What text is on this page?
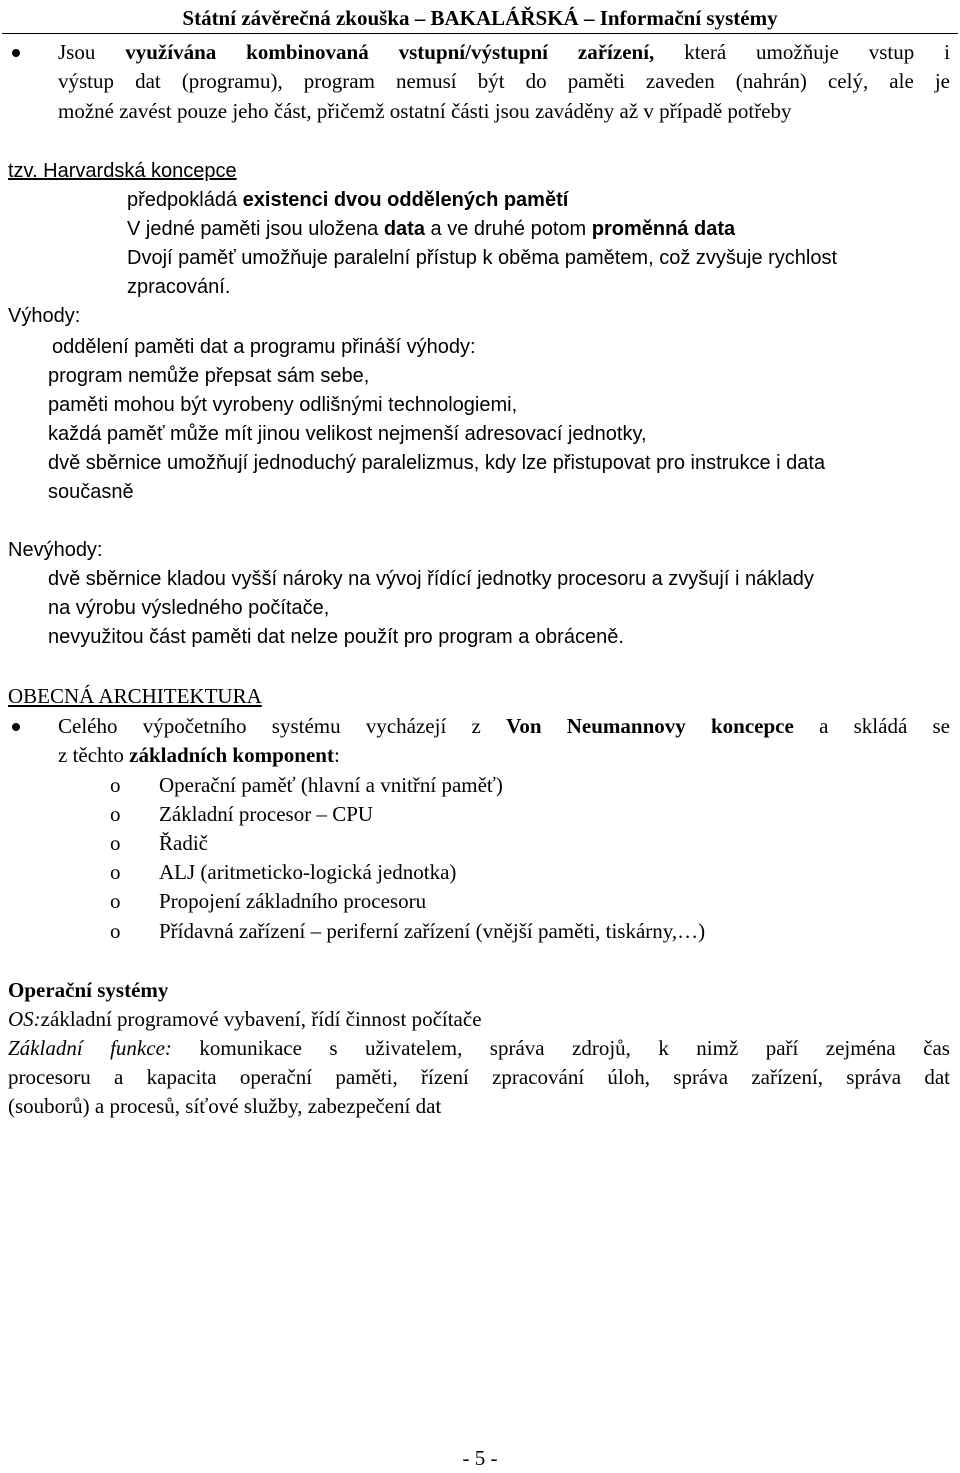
Státní závěrečná zkouška – BAKALÁŘSKÁ – Informační systémy
Jsou využívána kombinovaná vstupní/výstupní zařízení, která umožňuje vstup i
výstup dat (programu), program nemusí být do paměti zaveden (nahrán) celý, ale je
možné zavést pouze jeho část, přičemž ostatní části jsou zaváděny až v případě potřeby
tzv. Harvardská koncepce
předpokládá existenci dvou oddělených pamětí
V jedné paměti jsou uložena data a ve druhé potom proměnná data
Dvojí paměť umožňuje paralelní přístup k oběma pamětem, což zvyšuje rychlost
zpracování.
Výhody:
oddělení paměti dat a programu přináší výhody:
program nemůže přepsat sám sebe,
paměti mohou být vyrobeny odlišnými technologiemi,
každá paměť může mít jinou velikost nejmenší adresovací jednotky,
dvě sběrnice umožňují jednoduchý paralelizmus, kdy lze přistupovat pro instrukce i data
současně
Nevýhody:
dvě sběrnice kladou vyšší nároky na vývoj řídící jednotky procesoru a zvyšují i náklady
na výrobu výsledného počítače,
nevyužitou část paměti dat nelze použít pro program a obráceně.
OBECNÁ ARCHITEKTURA
Celého výpočetního systému vycházejí z Von Neumannovy koncepce a skládá se
z těchto základních komponent:
o Operační paměť (hlavní a vnitřní paměť)
o Základní procesor – CPU
o Řadič
o ALJ (aritmeticko-logická jednotka)
o Propojení základního procesoru
o Přídavná zařízení – periferní zařízení (vnější paměti, tiskárny,…)
Operační systémy
OS:základní programové vybavení, řídí činnost počítače
Základní funkce: komunikace s uživatelem, správa zdrojů, k nimž paří zejména čas
procesoru a kapacita operační paměti, řízení zpracování úloh, správa zařízení, správa dat
(souborů) a procesů, síťové služby, zabezpečení dat
- 5 -
